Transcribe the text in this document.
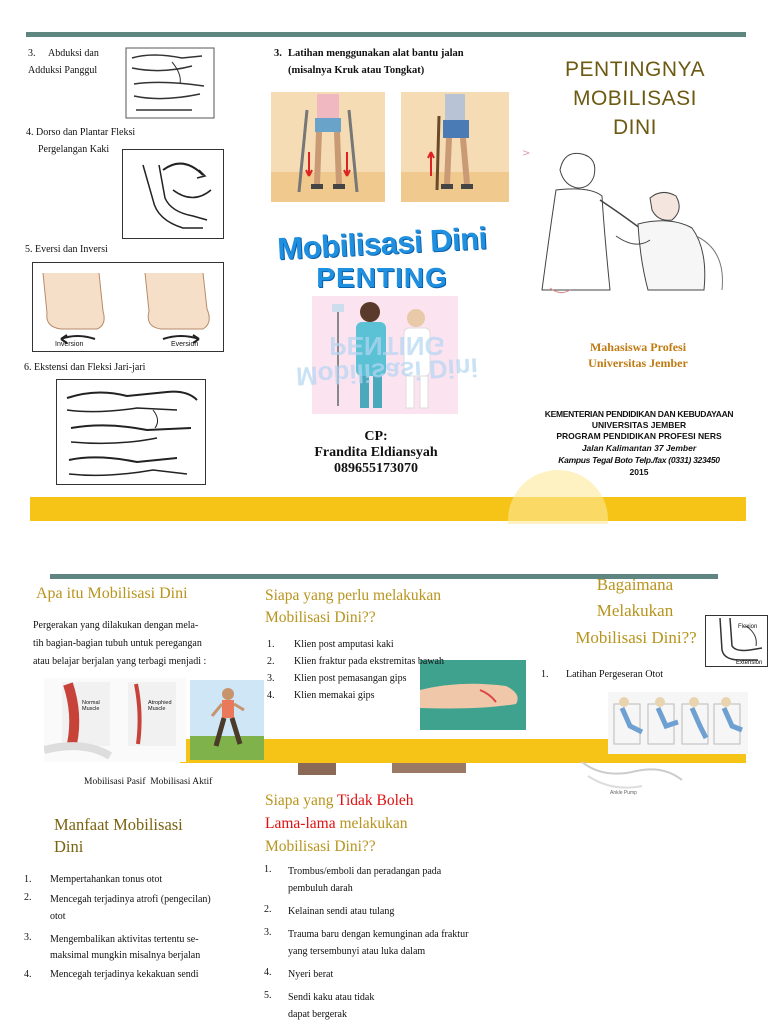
3. Abduksi dan
Adduksi Panggul
4. Dorso dan Plantar Fleksi
Pergelangan Kaki
5. Eversi dan Inversi
Inversion	Eversion
6. Ekstensi dan Fleksi Jari-jari
3. Latihan menggunakan alat bantu jalan
(misalnya Kruk atau Tongkat)
Mobilisasi Dini
PENTING
PENTING
Mobilisasi Dini
CP:
Frandita Eldiansyah
089655173070
PENTINGNYA
MOBILISASI
DINI
>
Mahasiswa Profesi
Universitas Jember
KEMENTERIAN PENDIDIKAN DAN KEBUDAYAAN
UNIVERSITAS JEMBER
PROGRAM PENDIDIKAN PROFESI NERS
Jalan Kalimantan 37 Jember
Kampus Tegal Boto Telp./fax (0331) 323450
2015
Apa itu Mobilisasi Dini
Pergerakan yang dilakukan dengan mela-
tih bagian-bagian tubuh untuk peregangan
atau belajar berjalan yang terbagi menjadi :
Normal Muscle
Atrophied Muscle
Mobilisasi Pasif  Mobilisasi Aktif
Manfaat Mobilisasi
Dini
1. Mempertahankan tonus otot
2. Mencegah terjadinya atrofi (pengecilan)
otot
3. Mengembalikan aktivitas tertentu se-
maksimal mungkin misalnya berjalan
4. Mencegah terjadinya kekakuan sendi
Siapa yang perlu melakukan
Mobilisasi Dini??
1. Klien post amputasi kaki
2. Klien fraktur pada ekstremitas bawah
3. Klien post pemasangan gips
4. Klien memakai gips
Siapa yang Tidak Boleh
Lama-lama melakukan
Mobilisasi Dini??
1. Trombus/emboli dan peradangan pada
pembuluh darah
2. Kelainan sendi atau tulang
3. Trauma baru dengan kemunginan ada fraktur
yang tersembunyi atau luka dalam
4. Nyeri berat
5. Sendi kaku atau tidak
dapat bergerak
Bagaimana
Melakukan
Mobilisasi Dini??
Flexion
Extension
1. Latihan Pergeseran Otot
Ankle Pump
